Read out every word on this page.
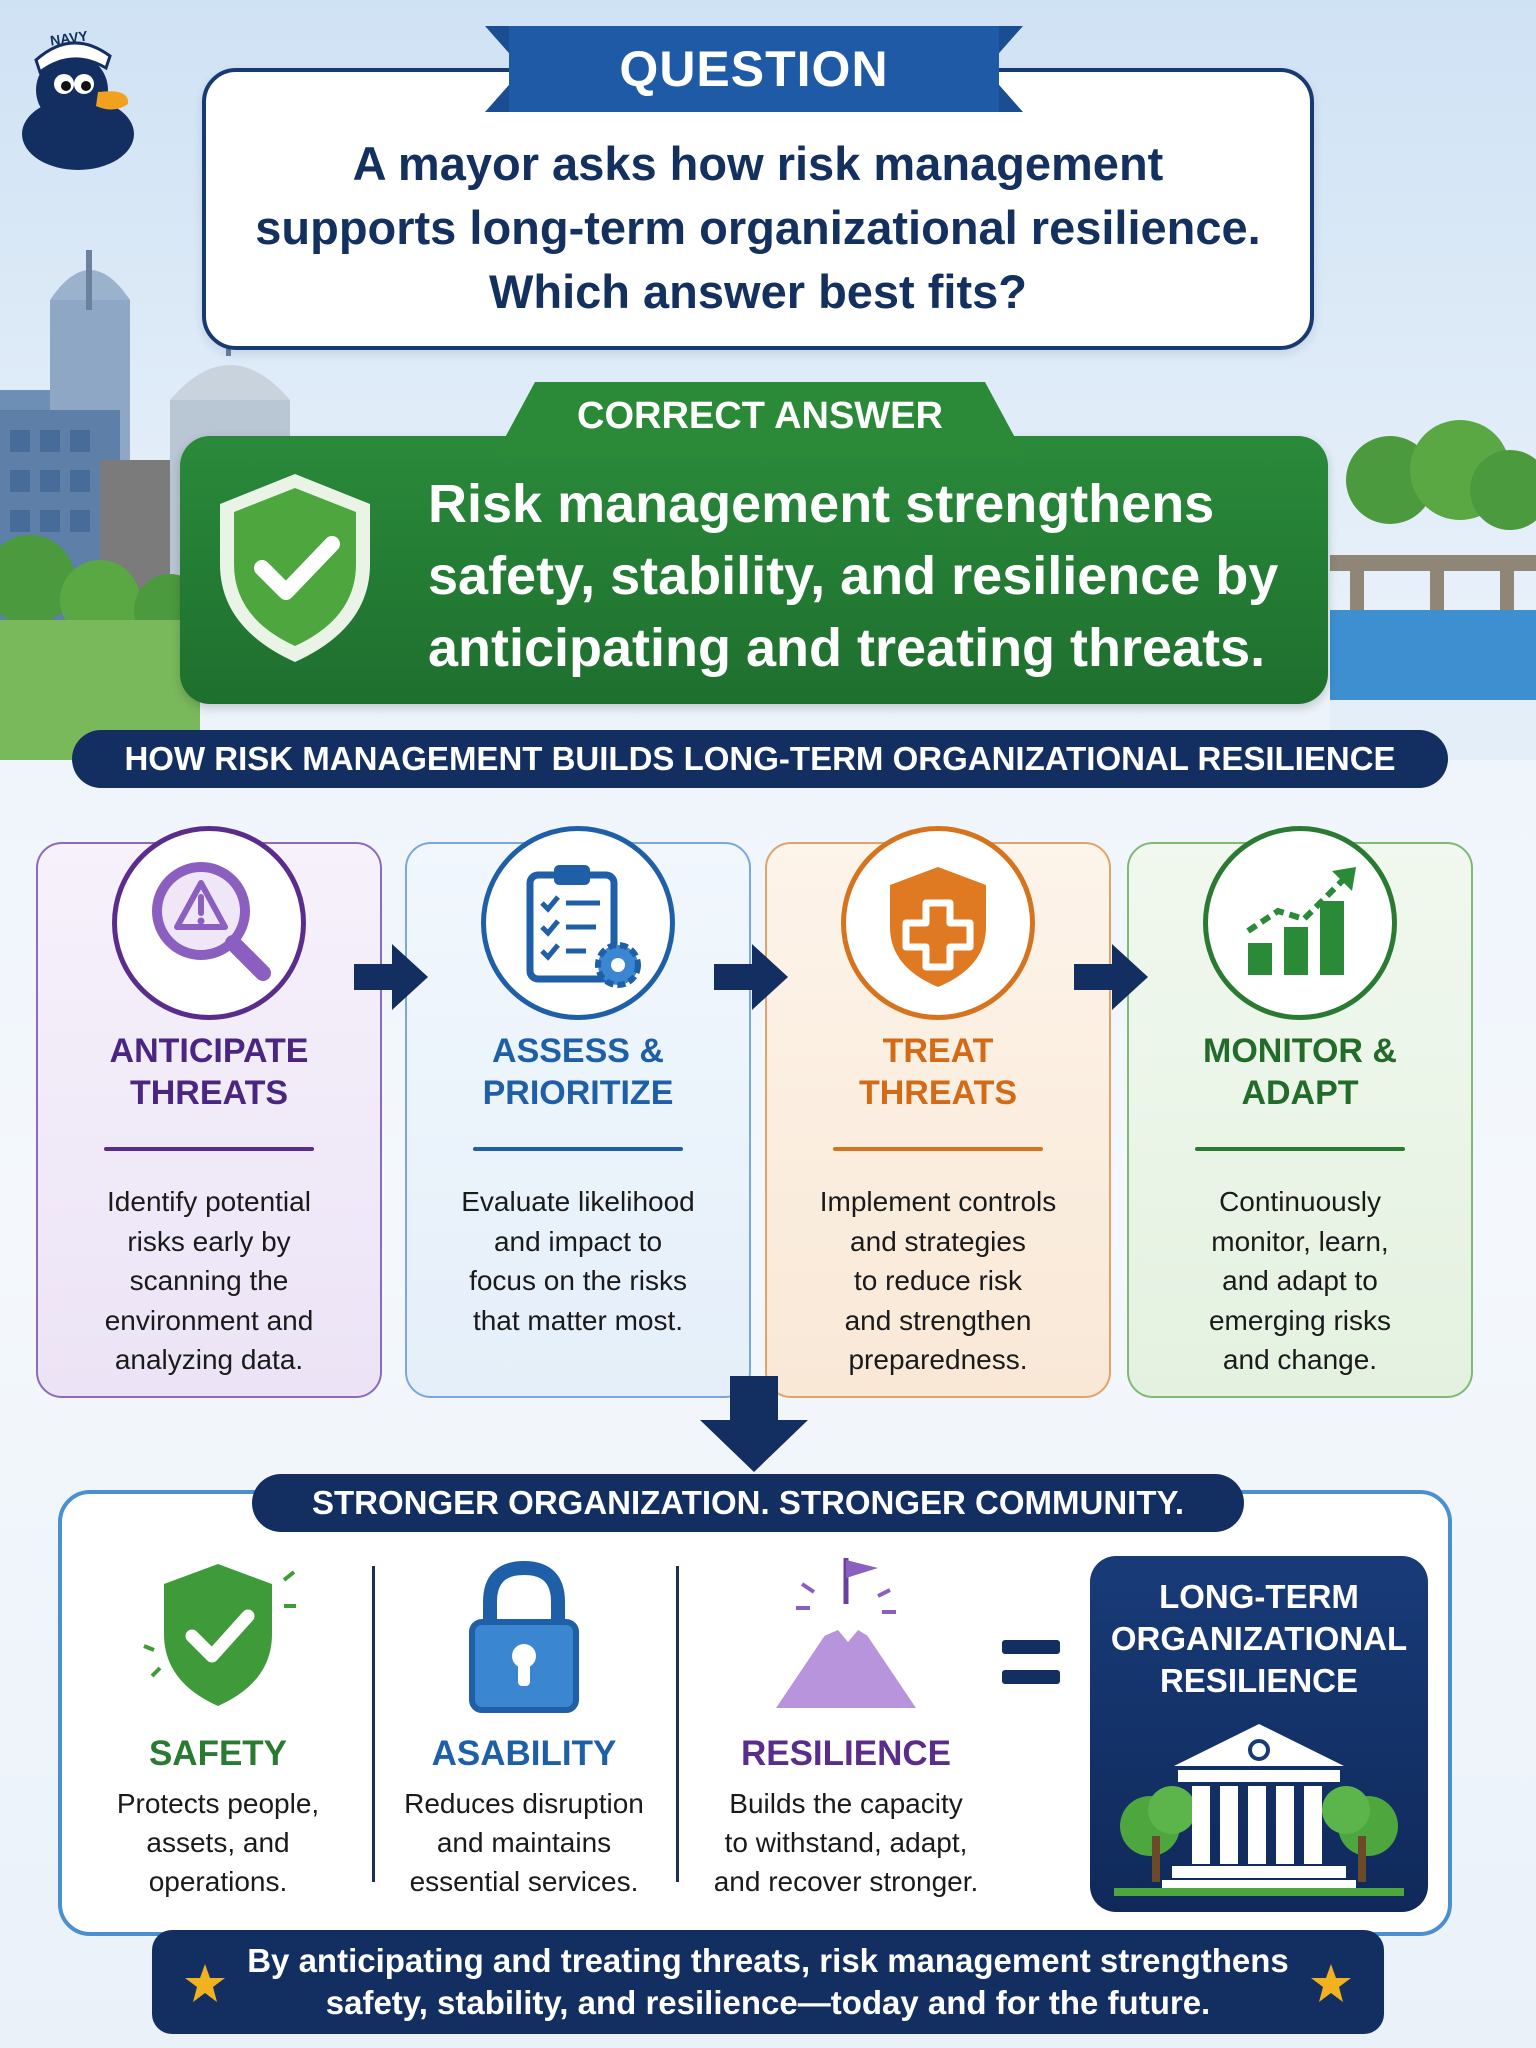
NAVY
A mayor asks how risk management
supports long-term organizational resilience.
Which answer best fits?
QUESTION
Risk management strengthens
safety, stability, and resilience by
anticipating and treating threats.
CORRECT ANSWER
HOW RISK MANAGEMENT BUILDS LONG-TERM ORGANIZATIONAL RESILIENCE
ANTICIPATE
THREATS
Identify potential
risks early by
scanning the
environment and
analyzing data.
ASSESS &
PRIORITIZE
Evaluate likelihood
and impact to
focus on the risks
that matter most.
TREAT
THREATS
Implement controls
and strategies
to reduce risk
and strengthen
preparedness.
MONITOR &
ADAPT
Continuously
monitor, learn,
and adapt to
emerging risks
and change.
STRONGER ORGANIZATION. STRONGER COMMUNITY.
SAFETY
Protects people,
assets, and
operations.
ASABILITY
Reduces disruption
and maintains
essential services.
RESILIENCE
Builds the capacity
to withstand, adapt,
and recover stronger.
LONG-TERM
ORGANIZATIONAL
RESILIENCE
By anticipating and treating threats, risk management strengthens
safety, stability, and resilience—today and for the future.
